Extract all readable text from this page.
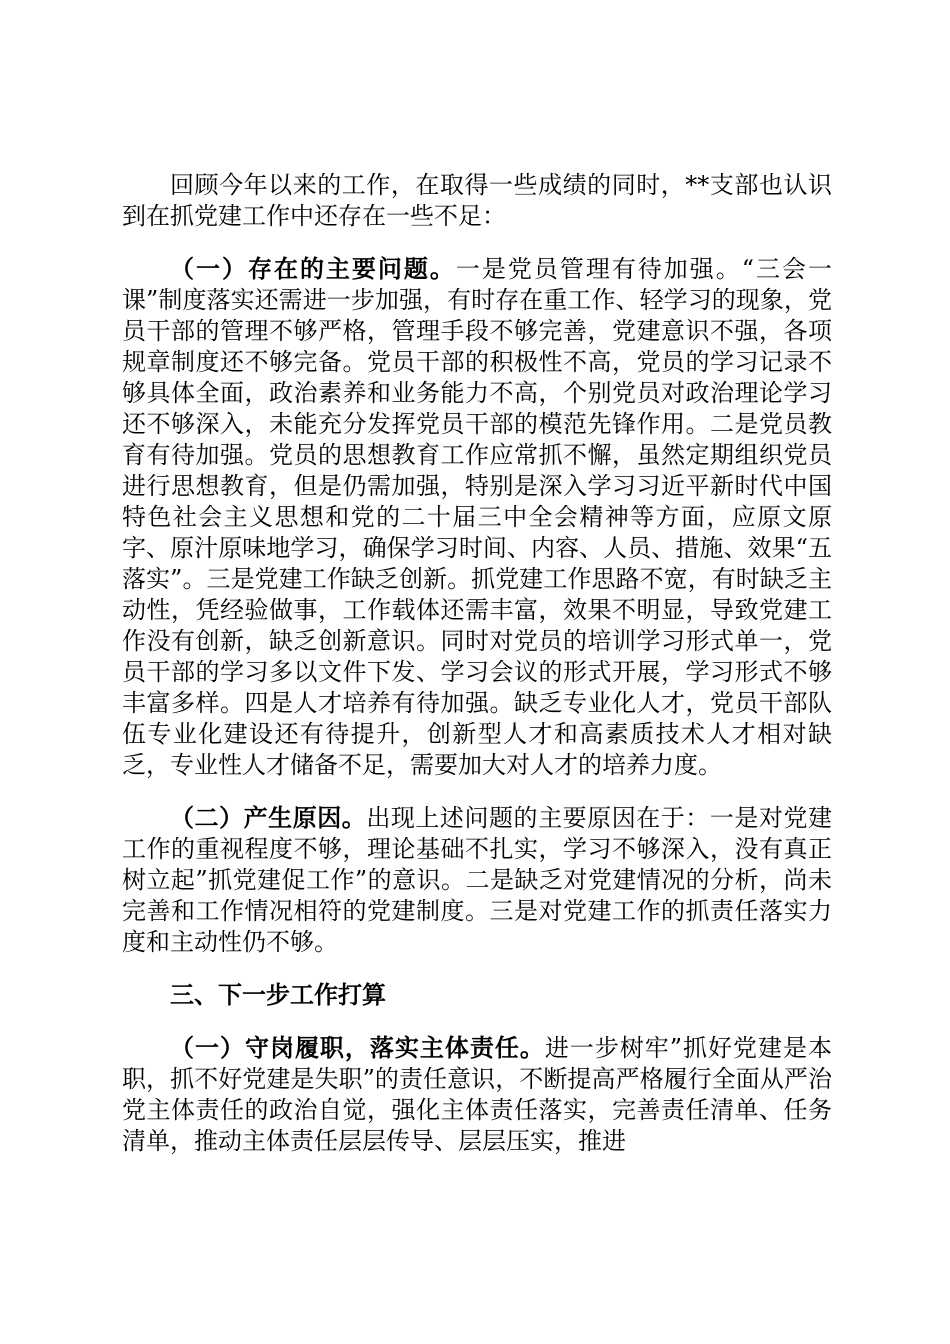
回顾今年以来的工作，在取得一些成绩的同时，**支部也认识到在抓党建工作中还存在一些不足：

（一）存在的主要问题。一是党员管理有待加强。“三会一课”制度落实还需进一步加强，有时存在重工作、轻学习的现象，党员干部的管理不够严格，管理手段不够完善，党建意识不强，各项规章制度还不够完备。党员干部的积极性不高，党员的学习记录不够具体全面，政治素养和业务能力不高，个别党员对政治理论学习还不够深入，未能充分发挥党员干部的模范先锋作用。二是党员教育有待加强。党员的思想教育工作应常抓不懈，虽然定期组织党员进行思想教育，但是仍需加强，特别是深入学习习近平新时代中国特色社会主义思想和党的二十届三中全会精神等方面，应原文原字、原汁原味地学习，确保学习时间、内容、人员、措施、效果“五落实”。三是党建工作缺乏创新。抓党建工作思路不宽，有时缺乏主动性，凭经验做事，工作载体还需丰富，效果不明显，导致党建工作没有创新，缺乏创新意识。同时对党员的培训学习形式单一，党员干部的学习多以文件下发、学习会议的形式开展，学习形式不够丰富多样。四是人才培养有待加强。缺乏专业化人才，党员干部队伍专业化建设还有待提升，创新型人才和高素质技术人才相对缺乏，专业性人才储备不足，需要加大对人才的培养力度。

（二）产生原因。出现上述问题的主要原因在于：一是对党建工作的重视程度不够，理论基础不扎实，学习不够深入，没有真正树立起”抓党建促工作”的意识。二是缺乏对党建情况的分析，尚未完善和工作情况相符的党建制度。三是对党建工作的抓责任落实力度和主动性仍不够。

三、下一步工作打算

（一）守岗履职，落实主体责任。进一步树牢”抓好党建是本职，抓不好党建是失职”的责任意识，不断提高严格履行全面从严治党主体责任的政治自觉，强化主体责任落实，完善责任清单、任务清单，推动主体责任层层传导、层层压实，推进
